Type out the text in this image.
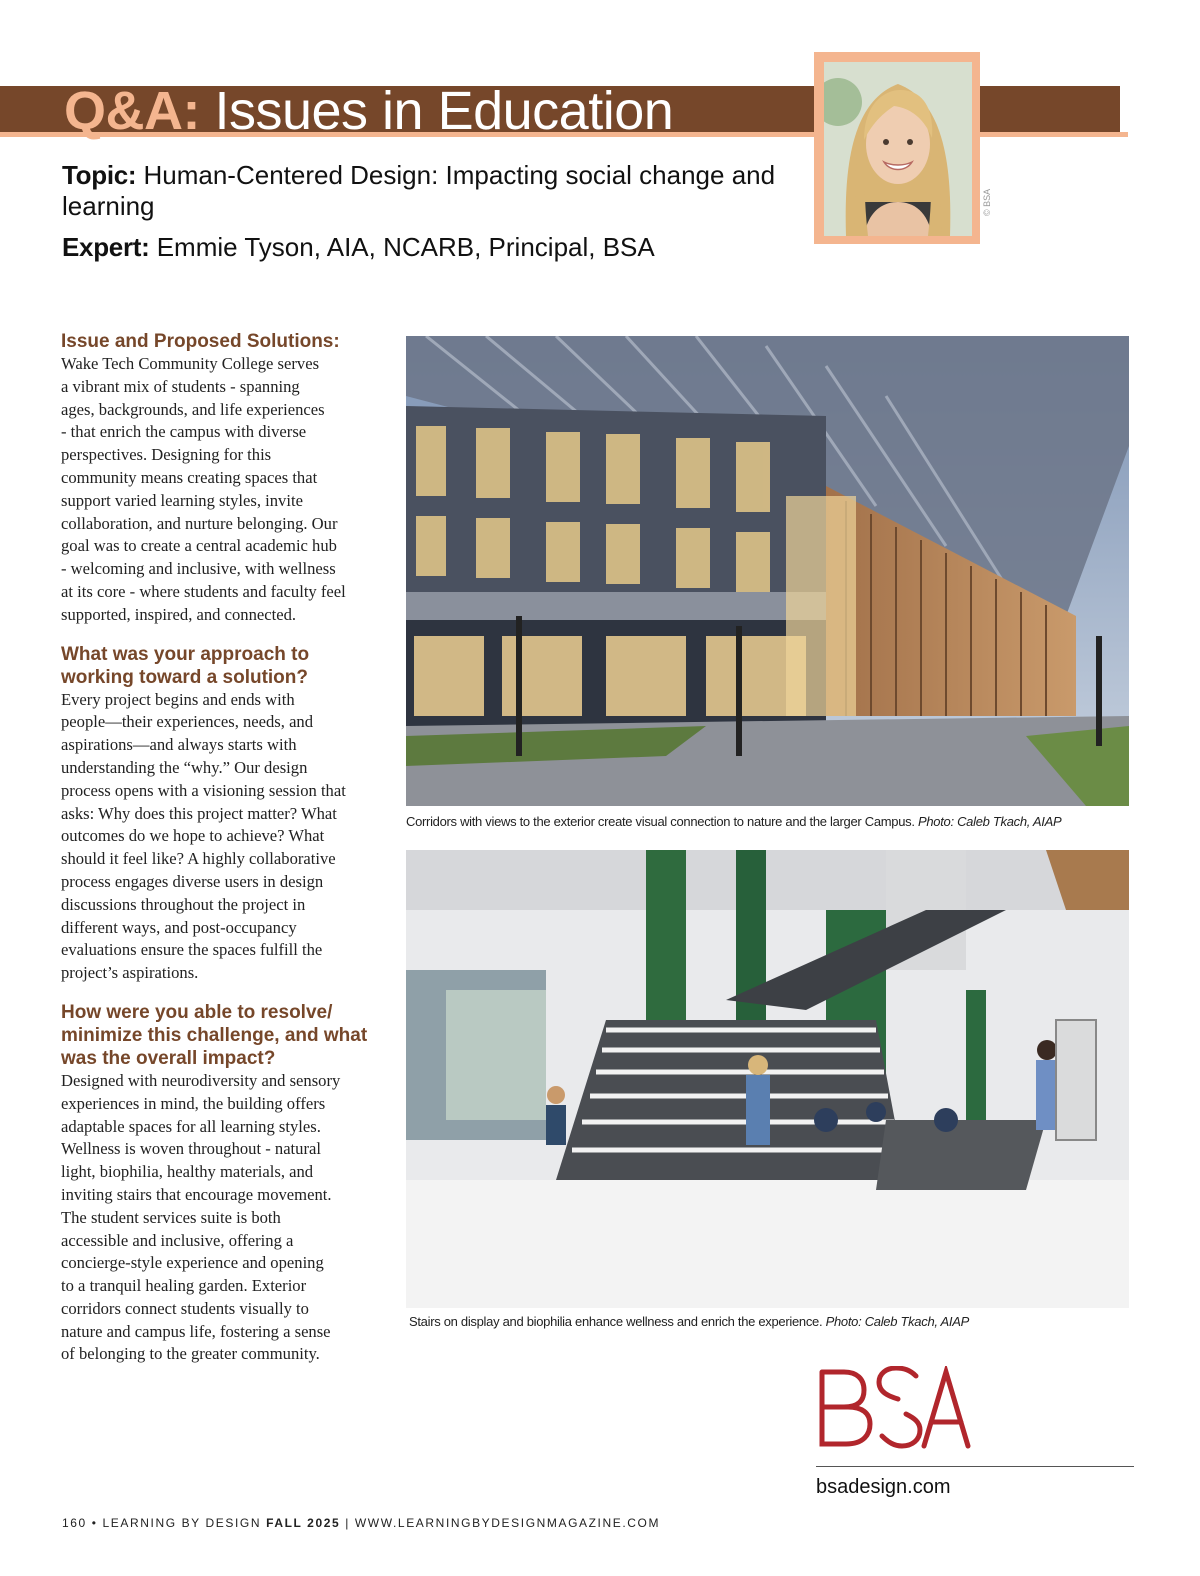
Q&A: Issues in Education
© BSA
Topic: Human-Centered Design: Impacting social change and learning
Expert: Emmie Tyson, AIA, NCARB, Principal, BSA
Issue and Proposed Solutions:

Wake Tech Community College serves
a vibrant mix of students - spanning
ages, backgrounds, and life experiences
- that enrich the campus with diverse
perspectives. Designing for this
community means creating spaces that
support varied learning styles, invite
collaboration, and nurture belonging. Our
goal was to create a central academic hub
- welcoming and inclusive, with wellness
at its core - where students and faculty feel
supported, inspired, and connected.

What was your approach to working toward a solution?

Every project begins and ends with
people—their experiences, needs, and
aspirations—and always starts with
understanding the “why.” Our design
process opens with a visioning session that
asks: Why does this project matter? What
outcomes do we hope to achieve? What
should it feel like? A highly collaborative
process engages diverse users in design
discussions throughout the project in
different ways, and post-occupancy
evaluations ensure the spaces fulfill the
project’s aspirations.

How were you able to resolve/ minimize this challenge, and what was the overall impact?

Designed with neurodiversity and sensory
experiences in mind, the building offers
adaptable spaces for all learning styles.
Wellness is woven throughout - natural
light, biophilia, healthy materials, and
inviting stairs that encourage movement.
The student services suite is both
accessible and inclusive, offering a
concierge-style experience and opening
to a tranquil healing garden. Exterior
corridors connect students visually to
nature and campus life, fostering a sense
of belonging to the greater community.

Corridors with views to the exterior create visual connection to nature and the larger Campus. Photo: Caleb Tkach, AIAP
Stairs on display and biophilia enhance wellness and enrich the experience. Photo: Caleb Tkach, AIAP
bsadesign.com
160 • LEARNING BY DESIGN FALL 2025 | WWW.LEARNINGBYDESIGNMAGAZINE.COM
